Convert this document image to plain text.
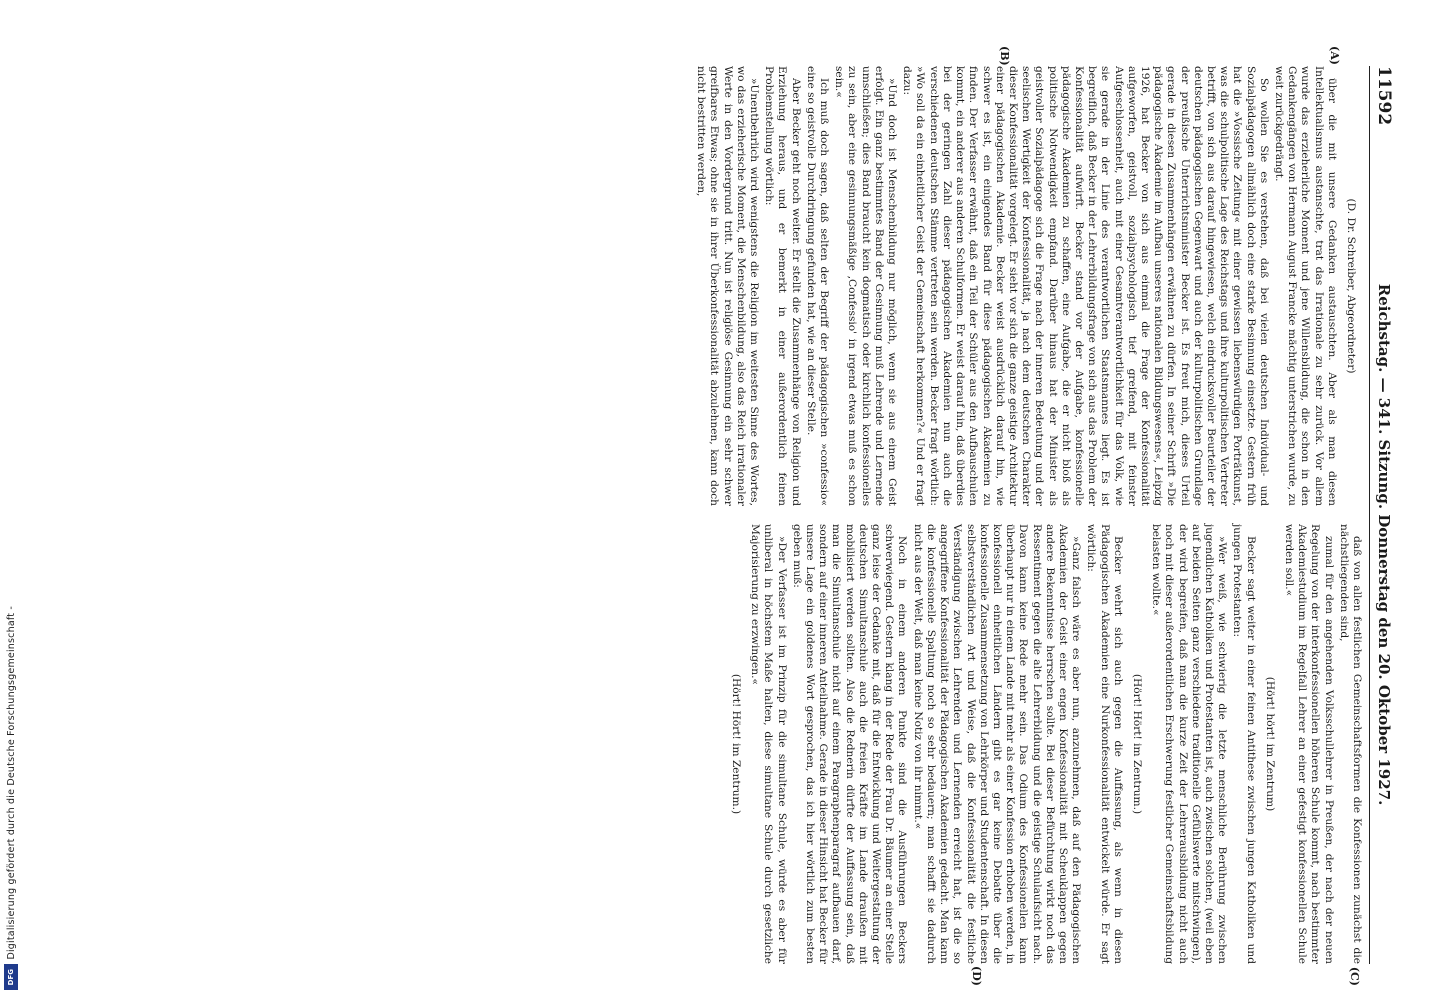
Digitalisierung gefördert durch die Deutsche Forschungsgemeinschaft -
DFG
11592
Reichstag. — 341. Sitzung. Donnerstag den 20. Oktober 1927.
(A)
(B)

(D. Dr. Schreiber, Abgeordneter)

über die mit unsere Gedanken austauschten. Aber als man diesen Intellektualismus austanschte, trat das Irrationale zu sehr zurück. Vor allem wurde das erzieherliche Moment und jene Willensbildung, die schon in den Gedankengängen von Hermann August Francke mächtig unterstrichen wurde, zu weit zurückgedrängt.

So wollen Sie es verstehen, daß bei vielen deutschen Individual- und Sozialpädagogen allmählich doch eine starke Besinnung einsetzte. Gestern früh hat die »Vossische Zeitung« mit einer gewissen liebenswürdigen Porträtkunst, was die schulpolitische Lage des Reichstags und ihre kulturpolitischen Vertreter betrifft, von sich aus darauf hingewiesen, welch eindrucksvoller Beurteiler der deutschen pädagogischen Gegenwart und auch der kulturpolitischen Grundlage der preußische Unterrichtsminister Becker ist. Es freut mich, dieses Urteil gerade in diesen Zusammenhängen erwähnen zu dürfen. In seiner Schrift »Die pädagogische Akademie im Aufbau unseres nationalen Bildungswesens«, Leipzig 1926, hat Becker von sich aus einmal die Frage der Konfessionalität aufgeworfen, geistvoll, sozialpsychologisch tief greifend, mit feinster Aufgeschlossenheit, auch mit einer Gesamtverantwortlichkeit für das Volk, wie sie gerade in der Linie des verantwortlichen Staatsmannes liegt. Es ist begreiflich, daß Becker in der Lehrerbildungsfrage von sich aus das Problem der Konfessionalität aufwirft. Becker stand vor der Aufgabe, konfessionelle pädagogische Akademien zu schaffen, eine Aufgabe, die er nicht bloß als politische Notwendigkeit empfand. Darüber hinaus hat der Minister als geistvoller Sozialpädagoge sich die Frage nach der inneren Bedeutung und der seelischen Wertigkeit der Konfessionalität, ja nach dem deutschen Charakter dieser Konfessionalität vorgelegt. Er sieht vor sich die ganze geistige Architektur einer pädagogischen Akademie. Becker weist ausdrücklich darauf hin, wie schwer es ist, ein einigendes Band für diese pädagogischen Akademien zu finden. Der Verfasser erwähnt, daß ein Teil der Schüler aus den Aufbauschulen kommt, ein anderer aus anderen Schulformen. Er weist darauf hin, daß überdies bei der geringen Zahl dieser pädagogischen Akademien nun auch die verschiedenen deutschen Stämme vertreten sein werden. Becker fragt wörtlich: »Wo soll da ein einheitlicher Geist der Gemeinschaft herkommen?« Und er fragt dazu:

»Und doch ist Menschenbildung nur möglich, wenn sie aus einem Geist erfolgt. Ein ganz bestimmtes Band der Gesinnung muß Lehrende und Lernende umschließen; dies Band braucht kein dogmatisch oder kirchlich konfessionelles zu sein, aber eine gesinnungsmäßige ‚Confessio' in irgend etwas muß es schon sein.«

Ich muß doch sagen, daß selten der Begriff der pädagogischen »confessio« eine so geistvolle Durchdringung gefunden hat, wie an dieser Stelle.

Aber Becker geht noch weiter. Er stellt die Zusammenhänge von Religion und Erziehung heraus, und er bemerkt in einer außerordentlich feinen Problemstellung wörtlich:

»Unentbehrlich wird wenigstens die Religion im weitesten Sinne des Wortes, wo das erzieherische Moment, die Menschenbildung, also das Reich irrationaler Werte in den Vordergrund tritt. Nun ist religiöse Gesinnung ein sehr schwer greifbares Etwas; ohne sie in ihrer Überkonfessionalität abzulehnen, kann doch nicht bestritten werden,

(C)
(D)

daß von allen festlichen Gemeinschaftsformen die Konfessionen zunächst die nächstliegenden sind,

zumal für den angehenden Volksschullehrer in Preußen, der nach der neuen Regelung von der interkonfessionellen höheren Schule kommt, nach bestimmter Akademiestudium im Regelfall Lehrer an einer gefestigt konfessionellen Schule werden soll.«

(Hört! hört! im Zentrum)

Becker sagt weiter in einer feinen Antithese zwischen jungen Katholiken und jungen Protestanten:

»Wer weiß, wie schwierig die letzte menschliche Berührung zwischen jugendlichen Katholiken und Protestanten ist, auch zwischen solchen, (weil eben auf beiden Seiten ganz verschiedene traditionelle Gefühlswerte mitschwingen), der wird begreifen, daß man die kurze Zeit der Lehrerausbildung nicht auch noch mit dieser außerordentlichen Erschwerung festlicher Gemeinschaftsbildung belasten wollte.«

(Hört! Hört! im Zentrum.)

Becker wehrt sich auch gegen die Auffassung, als wenn in diesen Pädagogischen Akademien eine Nurkonfessionalität entwickelt würde. Er sagt wörtlich:

»Ganz falsch wäre es aber nun, anzunehmen, daß auf den Pädagogischen Akademien der Geist einer engen Konfessionalität mit Scheuklappen gegen andere Bekenntnisse herrschen sollte. Bei dieser Befürchtung wirkt noch das Ressentiment gegen die alte Lehrerbildung und die geistige Schulaufsicht nach. Davon kann keine Rede mehr sein. Das Odium des Konfessionellen kann überhaupt nur in einem Lande mit mehr als einer Konfession erhoben werden, in konfessionell einheitlichen Ländern gibt es gar keine Debatte über die konfessionelle Zusammensetzung von Lehrkörper und Studentenschaft. In diesen selbstverständlichen Art und Weise, daß die Konfessionalität die festliche Verständigung zwischen Lehrenden und Lernenden erreicht hat, ist die so angegriffene Konfessionalität der Pädagogischen Akademien gedacht. Man kann die konfessionelle Spaltung noch so sehr bedauern; man schafft sie dadurch nicht aus der Welt, daß man keine Notiz von ihr nimmt.«

Noch in einem anderen Punkte sind die Ausführungen Beckers schwerwiegend. Gestern klang in der Rede der Frau Dr. Bäumer an einer Stelle ganz leise der Gedanke mit, daß für die Entwicklung und Weitergestaltung der deutschen Simultanschule auch die freien Kräfte im Lande draußen mit mobilisiert werden sollten. Also die Rednerin dürfte der Auffassung sein, daß man die Simultanschule nicht auf einem Paragraphenparagraf aufbauen darf, sondern auf einer inneren Anteilnahme. Gerade in dieser Hinsicht hat Becker für unsere Lage ein goldenes Wort gesprochen, das ich hier wörtlich zum besten geben muß:

»Der Verfasser ist im Prinzip für die simultane Schule, würde es aber für unliberal in höchstem Maße halten, diese simultane Schule durch gesetzliche Majorisierung zu erzwingen.«

(Hört! Hört! im Zentrum.)
